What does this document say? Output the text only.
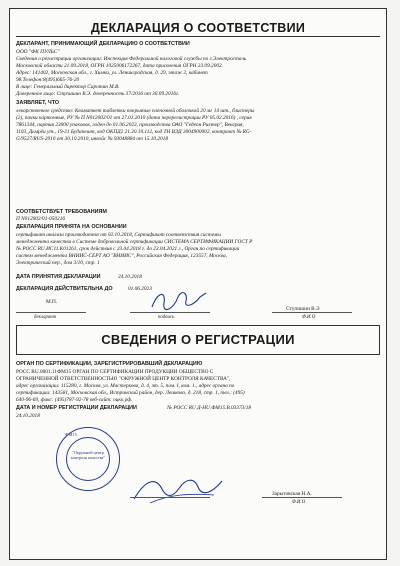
ДЕКЛАРАЦИЯ О СООТВЕТСТВИИ
ДЕКЛАРАНТ, ПРИНИМАЮЩИЙ ДЕКЛАРАЦИЮ О СООТВЕТСТВИИ
ООО "ФК ПУЛЬС"
Сведения о регистрации организации: Инспекция Федеральной налоговой службы по г.Электросталь
Московской области 21.09.2018, ОГРН 1025006172267, дата присвоения ОГРН 23.09.2002.
Адрес: 141402, Московская обл., г. Химки, ул. Ленинградская, д. 29, этаж 2, кабинет
98.Телефон:8(495)665-76-20
В лице: Генеральный директор Сиротин М.В.
Доверенное лицо: Ступишин В.Э. доверенность 37/2016 от 30.09.2016г.
ЗАЯВЛЯЕТ, ЧТО
лекарственное средство: Кеаматвет таблетки покрытые пленочной оболочкой 20 мг 14 шт., блистеры
(2), пачки картонные, РУ № П N012002/01 от 27.01.2010 (дата перерегистрации РУ 05.02.2016) , серия
7861344, партия 23000 упаковок, годен до 01.06.2023, производства ОАО "Гедеон Рихтер", Венгрия,
1103, Дьмрёи ут., 19-21 Будапешт, код ОКПД2 21.20.10.112, код ТН ВЭД 3004900002, контракт № RG-
G/9527/RUS-2010 от 30.10.2010, инвойс № 93048884 от 15.10.2018
СООТВЕТСТВУЕТ ТРЕБОВАНИЯМ
П N012002/01-050216
ДЕКЛАРАЦИЯ ПРИНЯТА НА ОСНОВАНИИ
сертификат анализа производителя от 02.10.2018, Сертификат соответствия системы
менеджмента качества в Системе добровольной сертификации СИСТЕМА СЕРТИФИКАЦИИ ГОСТ Р
№ РОСС RU.ИС11.К01261, срок действия с 23.04.2018 г. до 23.04.2021 г., Орган по сертификации
систем менеджмента ВНИИС-СЕРТ АО "ВНИИС", Российская Федерация, 123557, Москва,
Электрический пер., дом 3/10, стр. 1
ДАТА ПРИНЯТИЯ ДЕКЛАРАЦИИ	24.10.2018
ДЕКЛАРАЦИЯ ДЕЙСТВИТЕЛЬНА ДО	01.06.2023
М.П.
декларант	подпись
Ступишин В.Э
Ф.И.О
СВЕДЕНИЯ О РЕГИСТРАЦИИ
ОРГАН ПО СЕРТИФИКАЦИИ, ЗАРЕГИСТРИРОВАВШИЙ ДЕКЛАРАЦИЮ
РОСС RU.0001.11ФМ15 ОРГАН ПО СЕРТИФИКАЦИИ ПРОДУКЦИИ ОБЩЕСТВО С
ОГРАНИЧЕННОЙ ОТВЕТСТВЕННОСТЬЮ "ОКРУЖНОЙ ЦЕНТР КОНТРОЛЯ КАЧЕСТВА",
адрес организации: 115280, г. Москва, ул. Мастеркова, д. 4, эт. 5, пом. I, ком. 1., адрес органа по
сертификации: 143581, Московская обл., Истринский район, дер. Лешково, д. 218, стр. 1, тел.: (495)
640-96-69, факс: (495)787-92-78 веб-сайт: oцкк.рф.
ДАТА И НОМЕР РЕГИСТРАЦИИ ДЕКЛАРАЦИИ	№ РОСС RU Д-HU.ФМ15.В.03373/18
24.10.2018
ФМ15
"Окружной центр контроля качества"
Зарытовская Н.А.
Ф.И.О
